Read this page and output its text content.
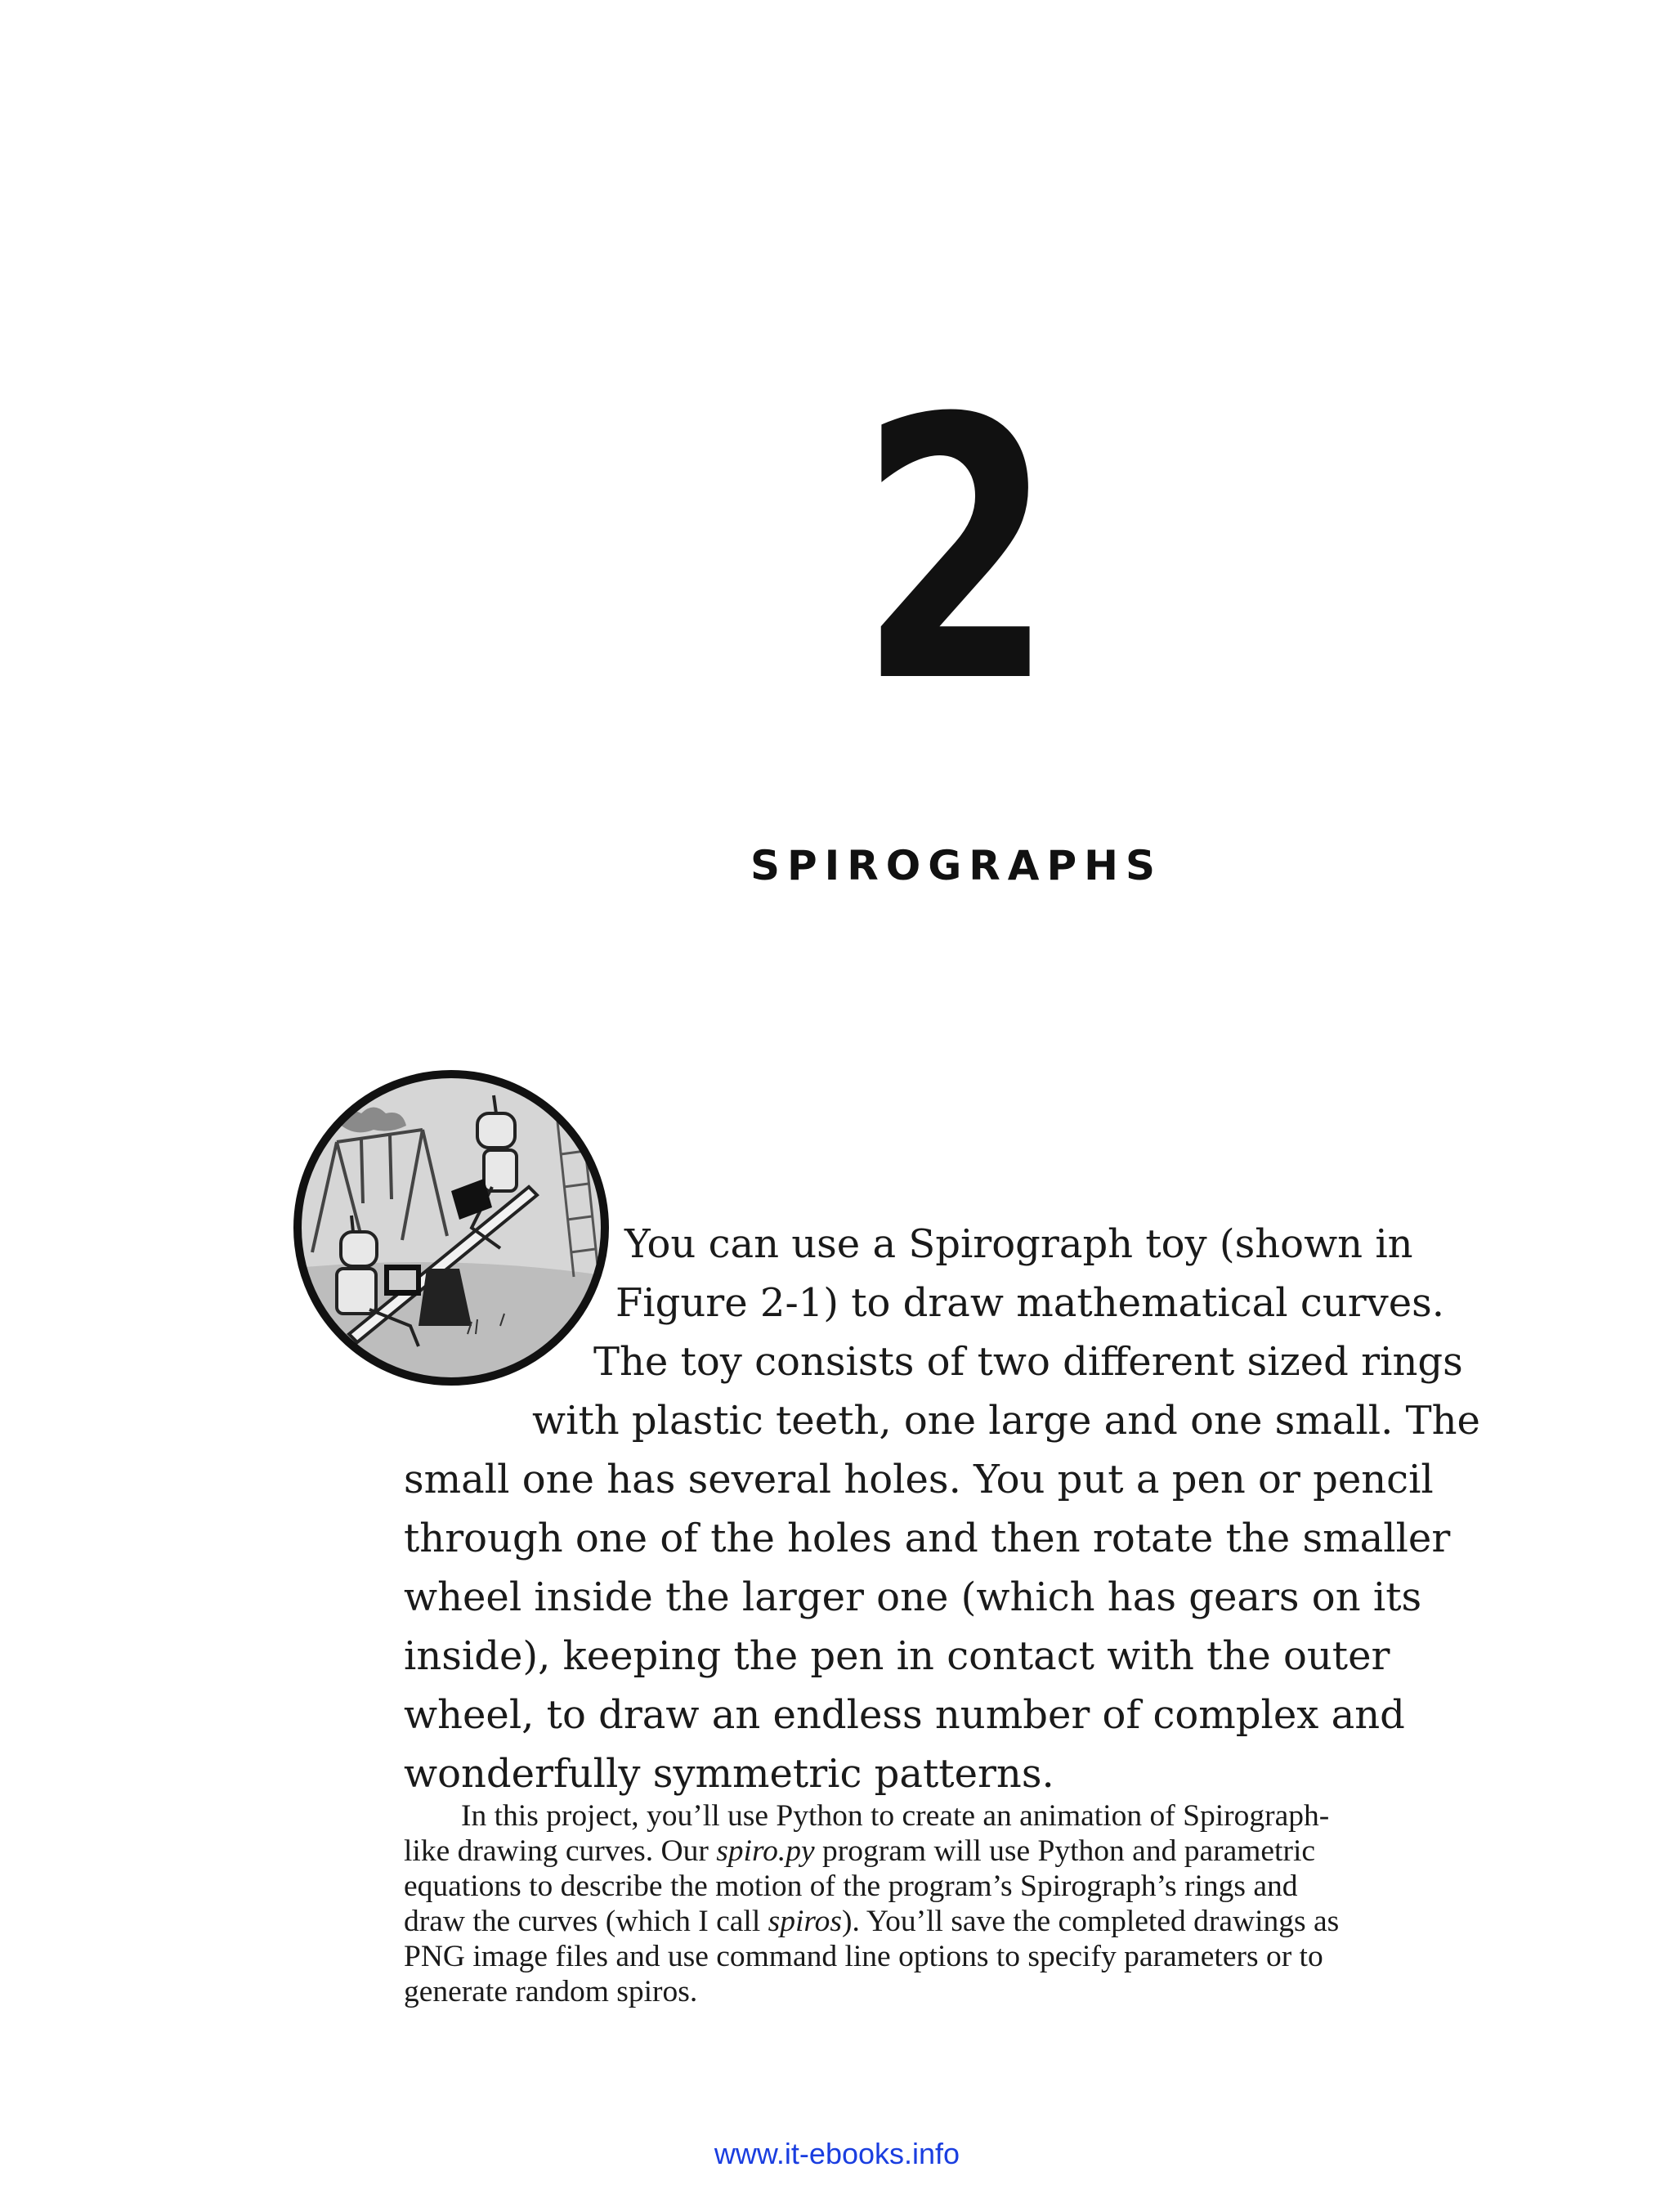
2
SPIROGRAPHS
You can use a Spirograph toy (shown in
Figure 2-1) to draw mathematical curves.
The toy consists of two different sized rings
with plastic teeth, one large and one small. The
small one has several holes. You put a pen or pencil
through one of the holes and then rotate the smaller
wheel inside the larger one (which has gears on its
inside), keeping the pen in contact with the outer
wheel, to draw an endless number of complex and
wonderfully symmetric patterns.
In this project, you’ll use Python to create an animation of Spirograph-
like drawing curves. Our spiro.py program will use Python and parametric
equations to describe the motion of the program’s Spirograph’s rings and
draw the curves (which I call spiros). You’ll save the completed drawings as
PNG image files and use command line options to specify parameters or to
generate random spiros.
www.it-ebooks.info
